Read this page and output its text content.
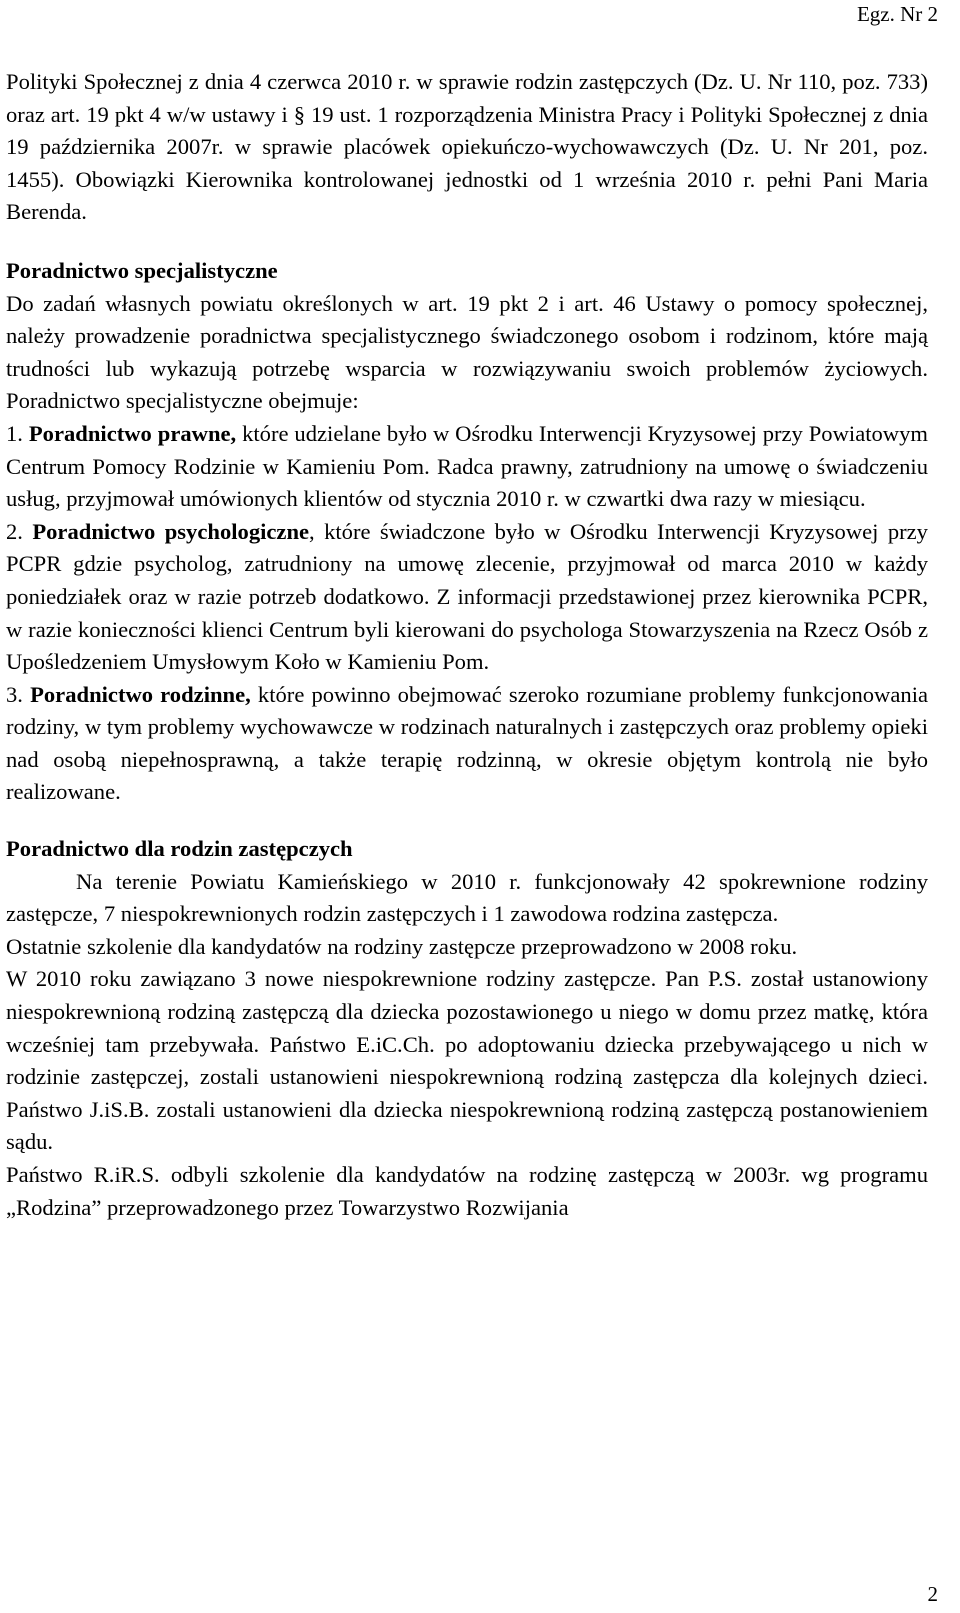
Egz. Nr 2

Polityki Społecznej z dnia 4 czerwca 2010 r. w sprawie rodzin zastępczych (Dz. U. Nr 110, poz. 733) oraz art. 19 pkt 4 w/w ustawy i § 19 ust. 1 rozporządzenia Ministra Pracy i Polityki Społecznej z dnia 19 października 2007r. w sprawie placówek opiekuńczo-wychowawczych (Dz. U. Nr 201, poz. 1455). Obowiązki Kierownika kontrolowanej jednostki od 1 września 2010 r. pełni Pani Maria Berenda.

Poradnictwo specjalistyczne

Do zadań własnych powiatu określonych w art. 19 pkt 2 i art. 46 Ustawy o pomocy społecznej, należy prowadzenie poradnictwa specjalistycznego świadczonego osobom i rodzinom, które mają trudności lub wykazują potrzebę wsparcia w rozwiązywaniu swoich problemów życiowych. Poradnictwo specjalistyczne obejmuje:

1. Poradnictwo prawne, które udzielane było w Ośrodku Interwencji Kryzysowej przy Powiatowym Centrum Pomocy Rodzinie w Kamieniu Pom. Radca prawny, zatrudniony na umowę o świadczeniu usług, przyjmował umówionych klientów od stycznia 2010 r. w czwartki dwa razy w miesiącu.

2. Poradnictwo psychologiczne, które świadczone było w Ośrodku Interwencji Kryzysowej przy PCPR gdzie psycholog, zatrudniony na umowę zlecenie, przyjmował od marca 2010 w każdy poniedziałek oraz w razie potrzeb dodatkowo. Z informacji przedstawionej przez kierownika PCPR, w razie konieczności klienci Centrum byli kierowani do psychologa Stowarzyszenia na Rzecz Osób z Upośledzeniem Umysłowym Koło w Kamieniu Pom.

3. Poradnictwo rodzinne, które powinno obejmować szeroko rozumiane problemy funkcjonowania rodziny, w tym problemy wychowawcze w rodzinach naturalnych i zastępczych oraz problemy opieki nad osobą niepełnosprawną, a także terapię rodzinną, w okresie objętym kontrolą nie było realizowane.

Poradnictwo dla rodzin zastępczych

Na terenie Powiatu Kamieńskiego w 2010 r. funkcjonowały 42 spokrewnione rodziny zastępcze, 7 niespokrewnionych rodzin zastępczych i 1 zawodowa rodzina zastępcza.

Ostatnie szkolenie dla kandydatów na rodziny zastępcze przeprowadzono w 2008 roku.

W 2010 roku zawiązano 3 nowe niespokrewnione rodziny zastępcze. Pan P.S. został ustanowiony niespokrewnioną rodziną zastępczą dla dziecka pozostawionego u niego w domu przez matkę, która wcześniej tam przebywała. Państwo E.iC.Ch. po adoptowaniu dziecka przebywającego u nich w rodzinie zastępczej, zostali ustanowieni niespokrewnioną rodziną zastępcza dla kolejnych dzieci. Państwo J.iS.B. zostali ustanowieni dla dziecka niespokrewnioną rodziną zastępczą postanowieniem sądu.

Państwo R.iR.S. odbyli szkolenie dla kandydatów na rodzinę zastępczą w 2003r. wg programu „Rodzina” przeprowadzonego przez Towarzystwo Rozwijania

2
